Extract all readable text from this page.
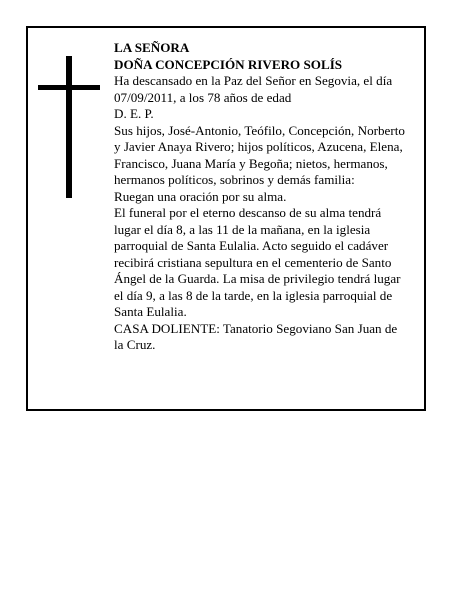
LA SEÑORA
DOÑA CONCEPCIÓN RIVERO SOLÍS
Ha descansado en la Paz del Señor en Segovia, el día
07/09/2011, a los 78 años de edad
D. E. P.
Sus hijos, José-Antonio, Teófilo, Concepción, Norberto
y Javier Anaya Rivero; hijos políticos, Azucena, Elena,
Francisco, Juana María y Begoña; nietos, hermanos,
hermanos políticos, sobrinos y demás familia:
Ruegan una oración por su alma.
El funeral por el eterno descanso de su alma tendrá
lugar el día 8, a las 11 de la mañana, en la iglesia
parroquial de Santa Eulalia. Acto seguido el cadáver
recibirá cristiana sepultura en el cementerio de Santo
Ángel de la Guarda. La misa de privilegio tendrá lugar
el día 9, a las 8 de la tarde, en la iglesia parroquial de
Santa Eulalia.
CASA DOLIENTE: Tanatorio Segoviano San Juan de
la Cruz.
